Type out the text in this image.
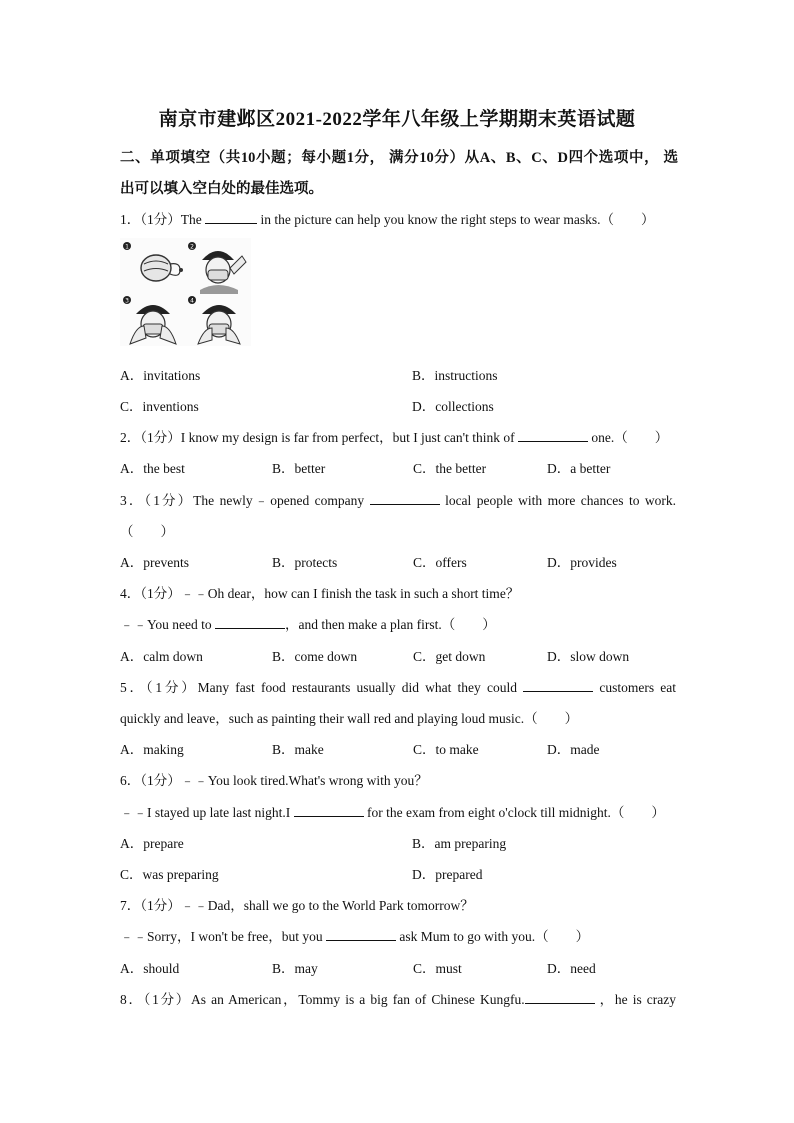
南京市建邺区2021-2022学年八年级上学期期末英语试题
二、单项填空（共10小题；每小题1分， 满分10分）从A、B、C、D四个选项中， 选
出可以填入空白处的最佳选项。
1．（1分）The	in the picture can help you know the right steps to wear masks.（　　）
1	2
3	4
A．invitations	B．instructions
C．inventions	D．collections
2．（1分）I know my design is far from perfect，but I just can't think of	one.（　　）
A．the best	B．better	C．the better	D．a better
3．（1分）The newly﹣opened company	local people with more chances to work.
（　　）
A．prevents	B．protects	C．offers	D．provides
4．（1分）﹣﹣Oh dear，how can I finish the task in such a short time？
﹣﹣You need to	，and then make a plan first.（　　）
A．calm down	B．come down	C．get down	D．slow down
5．（1分）Many fast food restaurants usually did what they could	customers eat
quickly and leave，such as painting their wall red and playing loud music.（　　）
A．making	B．make	C．to make	D．made
6．（1分）﹣﹣You look tired.What's wrong with you？
﹣﹣I stayed up late last night.I	for the exam from eight o'clock till midnight.（　　）
A．prepare	B．am preparing
C．was preparing	D．prepared
7．（1分）﹣﹣Dad，shall we go to the World Park tomorrow？
﹣﹣Sorry，I won't be free，but you	ask Mum to go with you.（　　）
A．should	B．may	C．must	D．need
8．（1分）As an American，Tommy is a big fan of Chinese Kungfu.	，he is crazy
